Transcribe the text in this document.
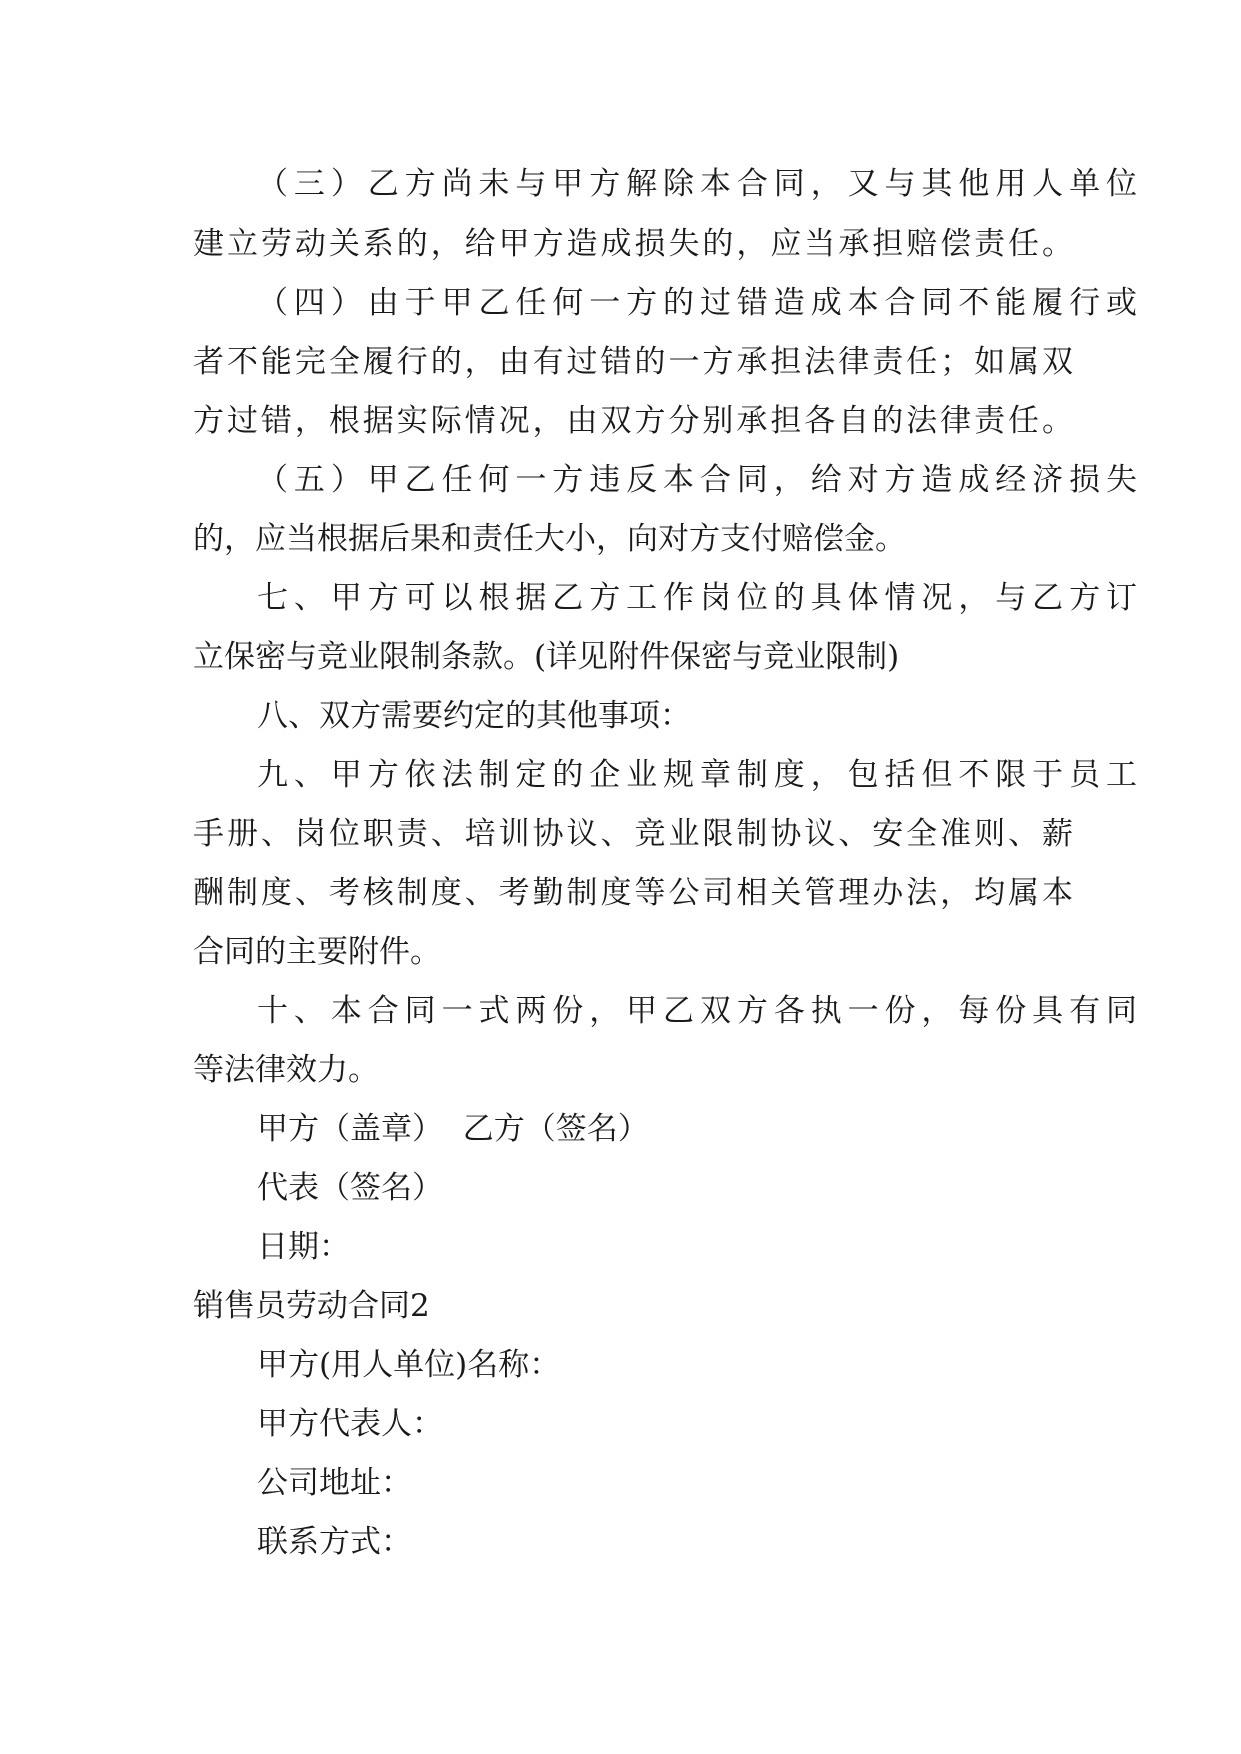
（三）乙方尚未与甲方解除本合同，又与其他用人单位
建立劳动关系的，给甲方造成损失的，应当承担赔偿责任。
（四）由于甲乙任何一方的过错造成本合同不能履行或
者不能完全履行的，由有过错的一方承担法律责任；如属双
方过错，根据实际情况，由双方分别承担各自的法律责任。
（五）甲乙任何一方违反本合同，给对方造成经济损失
的，应当根据后果和责任大小，向对方支付赔偿金。
七、甲方可以根据乙方工作岗位的具体情况，与乙方订
立保密与竞业限制条款。(详见附件保密与竞业限制)
八、双方需要约定的其他事项：
九、甲方依法制定的企业规章制度，包括但不限于员工
手册、岗位职责、培训协议、竞业限制协议、安全准则、薪
酬制度、考核制度、考勤制度等公司相关管理办法，均属本
合同的主要附件。
十、本合同一式两份，甲乙双方各执一份，每份具有同
等法律效力。
甲方（盖章）  乙方（签名）
代表（签名）
日期：
销售员劳动合同2
甲方(用人单位)名称：
甲方代表人：
公司地址：
联系方式：
